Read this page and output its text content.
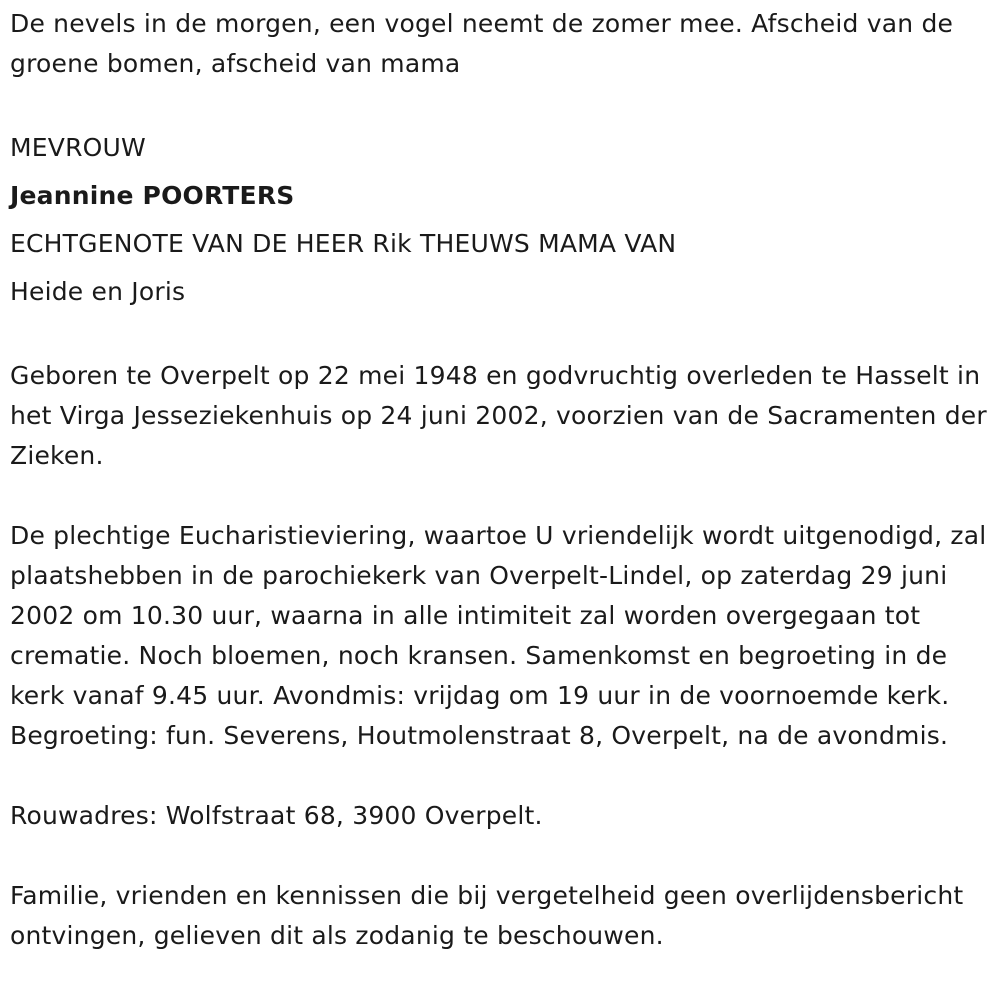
De nevels in de morgen, een vogel neemt de zomer mee. Afscheid van de groene bomen, afscheid van mama

MEVROUW

Jeannine POORTERS

ECHTGENOTE VAN DE HEER Rik THEUWS MAMA VAN

Heide en Joris

Geboren te Overpelt op 22 mei 1948 en godvruchtig overleden te Hasselt in het Virga Jesseziekenhuis op 24 juni 2002, voorzien van de Sacramenten der Zieken.

De plechtige Eucharistieviering, waartoe U vriendelijk wordt uitgenodigd, zal plaatshebben in de parochiekerk van Overpelt-Lindel, op zaterdag 29 juni 2002 om 10.30 uur, waarna in alle intimiteit zal worden overgegaan tot crematie. Noch bloemen, noch kransen. Samenkomst en begroeting in de kerk vanaf 9.45 uur. Avondmis: vrijdag om 19 uur in de voornoemde kerk. Begroeting: fun. Severens, Houtmolenstraat 8, Overpelt, na de avondmis.

Rouwadres: Wolfstraat 68, 3900 Overpelt.

Familie, vrienden en kennissen die bij vergetelheid geen overlijdensbericht ontvingen, gelieven dit als zodanig te beschouwen.
